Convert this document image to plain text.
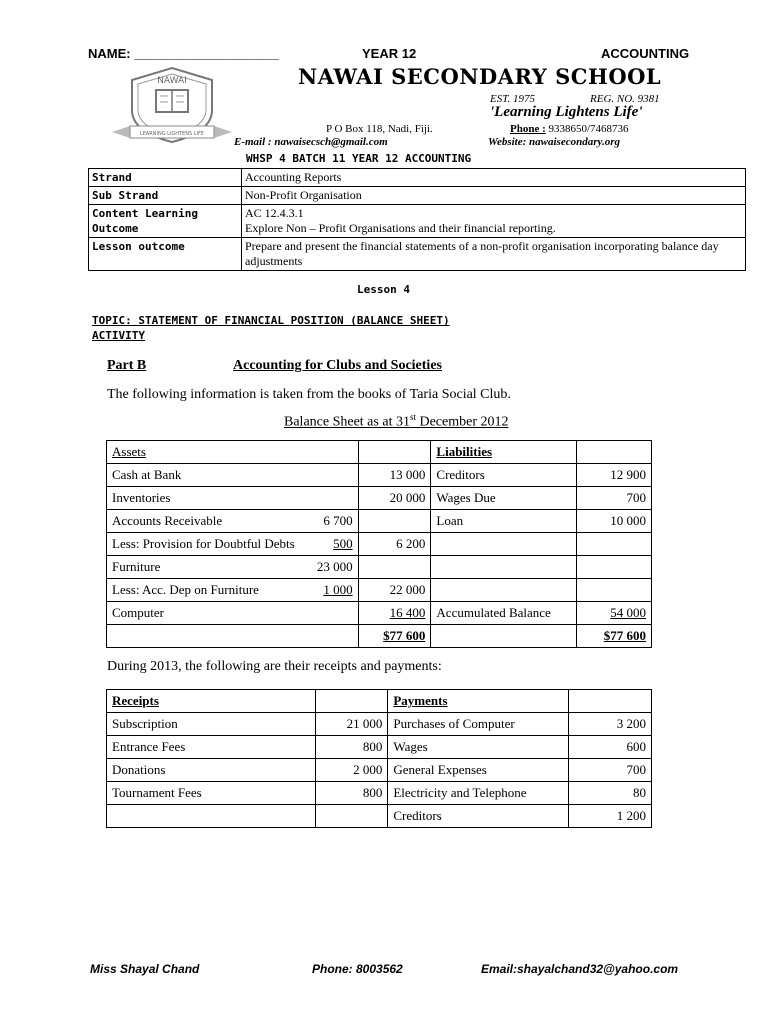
NAME: ____________________	YEAR 12	ACCOUNTING
NAWAI
LEARNING LIGHTENS LIFE
NAWAI SECONDARY SCHOOL
EST. 1975	REG. NO. 9381
'Learning Lightens Life'
P O Box 118, Nadi, Fiji.	Phone : 9338650/7468736
E-mail : nawaisecsch@gmail.com	Website: nawaisecondary.org
WHSP 4 BATCH 11 YEAR 12 ACCOUNTING
Strand	Accounting Reports
Sub Strand	Non-Profit Organisation
Content Learning Outcome	AC 12.4.3.1
Explore Non – Profit Organisations and their financial reporting.

Lesson outcome	Prepare and present the financial statements of a non-profit organisation incorporating balance day adjustments
Lesson 4
TOPIC: STATEMENT OF FINANCIAL POSITION (BALANCE SHEET)
ACTIVITY
Part B	Accounting for Clubs and Societies
The following information is taken from the books of Taria Social Club.
Balance Sheet as at 31st December 2012
Assets		Liabilities	

Cash at Bank	13 000	Creditors	12 900

Inventories	20 000	Wages Due	700

Accounts Receivable 6 700		Loan	10 000

Less: Provision for Doubtful Debts 500	6 200		

Furniture 23 000			

Less: Acc. Dep on Furniture 1 000	22 000		

Computer	16 400	Accumulated Balance	54 000
	$77 600		$77 600
During 2013, the following are their receipts and payments:
Receipts		Payments	
Subscription	21 000	Purchases of Computer	3 200
Entrance Fees	800	Wages	600
Donations	2 000	General Expenses	700
Tournament Fees	800	Electricity and Telephone	80
		Creditors	1 200
Miss Shayal Chand	Phone: 8003562	Email:shayalchand32@yahoo.com
